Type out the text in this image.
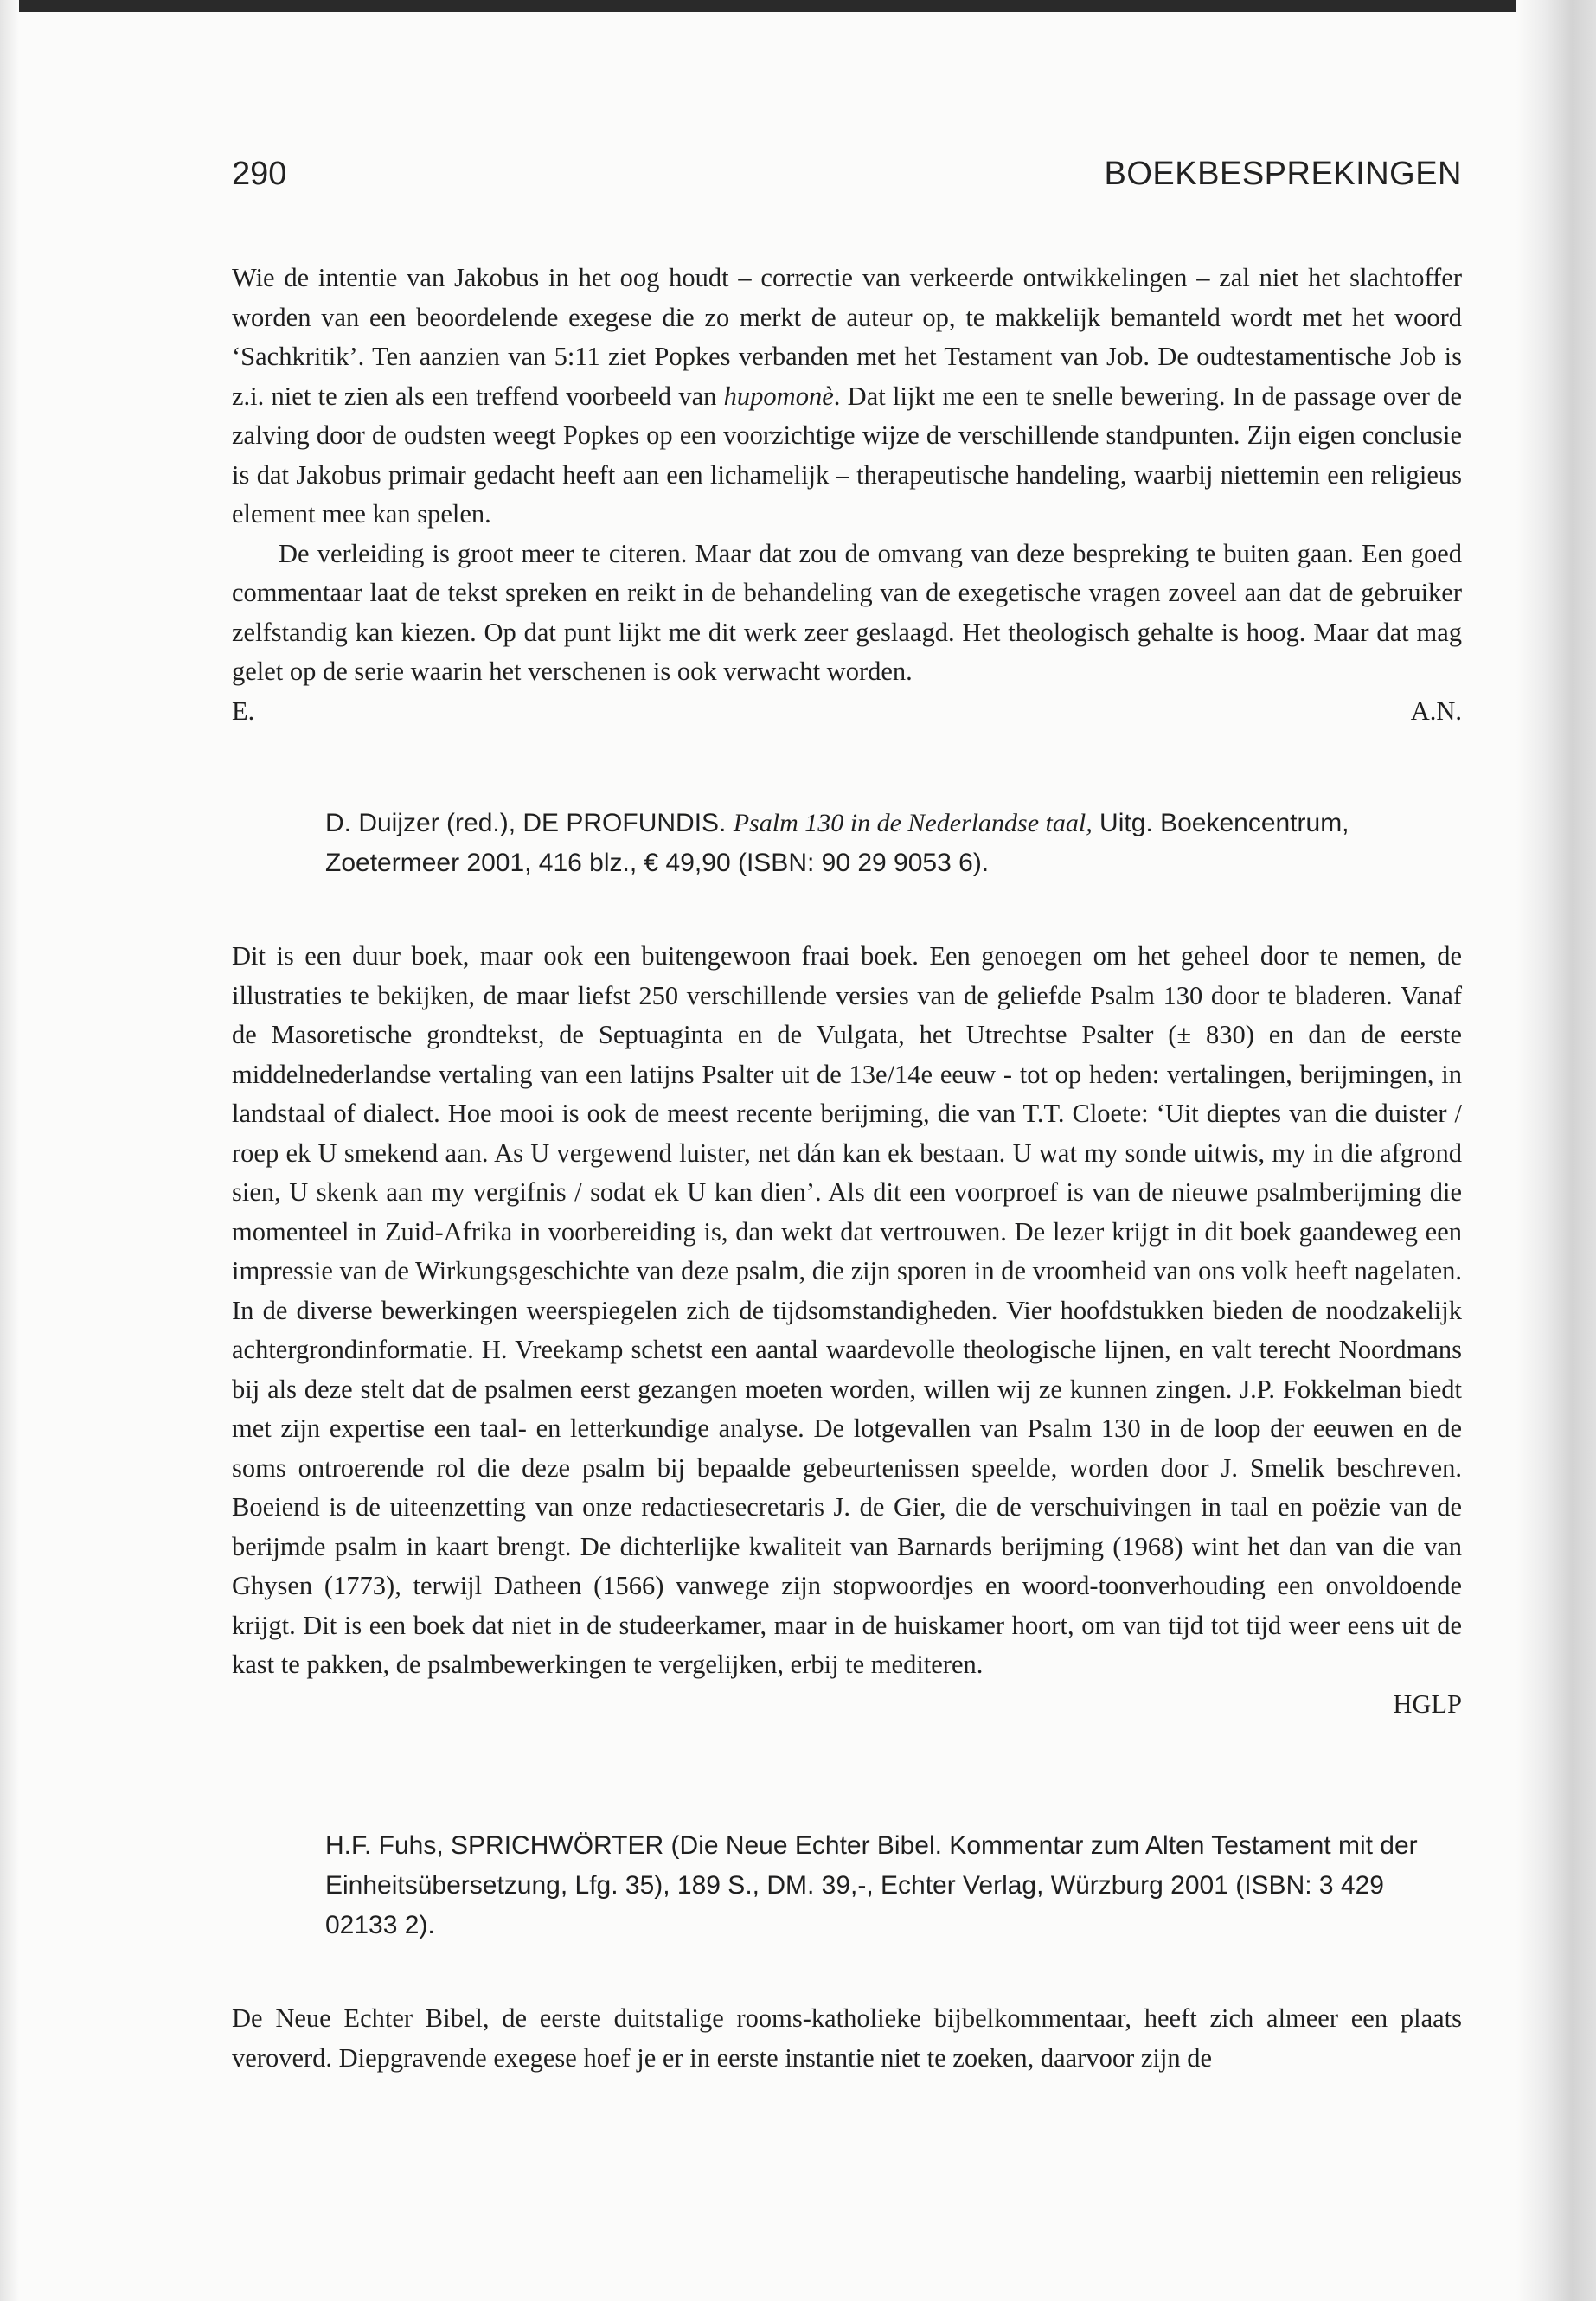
290	BOEKBESPREKINGEN

Wie de intentie van Jakobus in het oog houdt – correctie van verkeerde ontwikkelingen – zal niet het slachtoffer worden van een beoordelende exegese die zo merkt de auteur op, te makkelijk bemanteld wordt met het woord ‘Sachkritik’. Ten aanzien van 5:11 ziet Popkes verbanden met het Testament van Job. De oudtestamentische Job is z.i. niet te zien als een treffend voorbeeld van hupomonè. Dat lijkt me een te snelle bewering. In de passage over de zalving door de oudsten weegt Popkes op een voorzichtige wijze de verschillende standpunten. Zijn eigen conclusie is dat Jakobus primair gedacht heeft aan een lichamelijk – therapeutische handeling, waarbij niettemin een religieus element mee kan spelen.

De verleiding is groot meer te citeren. Maar dat zou de omvang van deze bespreking te buiten gaan. Een goed commentaar laat de tekst spreken en reikt in de behandeling van de exegetische vragen zoveel aan dat de gebruiker zelfstandig kan kiezen. Op dat punt lijkt me dit werk zeer geslaagd. Het theologisch gehalte is hoog. Maar dat mag gelet op de serie waarin het verschenen is ook verwacht worden.

E.	A.N.
D. Duijzer (red.), DE PROFUNDIS. Psalm 130 in de Nederlandse taal, Uitg. Boekencentrum,
Zoetermeer 2001, 416 blz., € 49,90 (ISBN: 90 29 9053 6).

Dit is een duur boek, maar ook een buitengewoon fraai boek. Een genoegen om het geheel door te nemen, de illustraties te bekijken, de maar liefst 250 verschillende versies van de geliefde Psalm 130 door te bladeren. Vanaf de Masoretische grondtekst, de Septuaginta en de Vulgata, het Utrechtse Psalter (± 830) en dan de eerste middelnederlandse vertaling van een latijns Psalter uit de 13e/14e eeuw - tot op heden: vertalingen, berijmingen, in landstaal of dialect. Hoe mooi is ook de meest recente berijming, die van T.T. Cloete: ‘Uit dieptes van die duister / roep ek U smekend aan. As U vergewend luister, net dán kan ek bestaan. U wat my sonde uitwis, my in die afgrond sien, U skenk aan my vergifnis / sodat ek U kan dien’. Als dit een voorproef is van de nieuwe psalmberijming die momenteel in Zuid-Afrika in voorbereiding is, dan wekt dat vertrouwen. De lezer krijgt in dit boek gaandeweg een impressie van de Wirkungsgeschichte van deze psalm, die zijn sporen in de vroomheid van ons volk heeft nagelaten. In de diverse bewerkingen weerspiegelen zich de tijdsomstandigheden. Vier hoofdstukken bieden de noodzakelijk achtergrondinformatie. H. Vreekamp schetst een aantal waardevolle theologische lijnen, en valt terecht Noordmans bij als deze stelt dat de psalmen eerst gezangen moeten worden, willen wij ze kunnen zingen. J.P. Fokkelman biedt met zijn expertise een taal- en letterkundige analyse. De lotgevallen van Psalm 130 in de loop der eeuwen en de soms ontroerende rol die deze psalm bij bepaalde gebeurtenissen speelde, worden door J. Smelik beschreven. Boeiend is de uiteenzetting van onze redactiesecretaris J. de Gier, die de verschuivingen in taal en poëzie van de berijmde psalm in kaart brengt. De dichterlijke kwaliteit van Barnards berijming (1968) wint het dan van die van Ghysen (1773), terwijl Datheen (1566) vanwege zijn stopwoordjes en woord-toonverhouding een onvoldoende krijgt. Dit is een boek dat niet in de studeerkamer, maar in de huiskamer hoort, om van tijd tot tijd weer eens uit de kast te pakken, de psalmbewerkingen te vergelijken, erbij te mediteren.

HGLP
H.F. Fuhs, SPRICHWÖRTER (Die Neue Echter Bibel. Kommentar zum Alten Testament mit der Einheitsübersetzung, Lfg. 35), 189 S., DM. 39,-, Echter Verlag, Würzburg 2001 (ISBN: 3 429 02133 2).

De Neue Echter Bibel, de eerste duitstalige rooms-katholieke bijbelkommentaar, heeft zich almeer een plaats veroverd. Diepgravende exegese hoef je er in eerste instantie niet te zoeken, daarvoor zijn de
